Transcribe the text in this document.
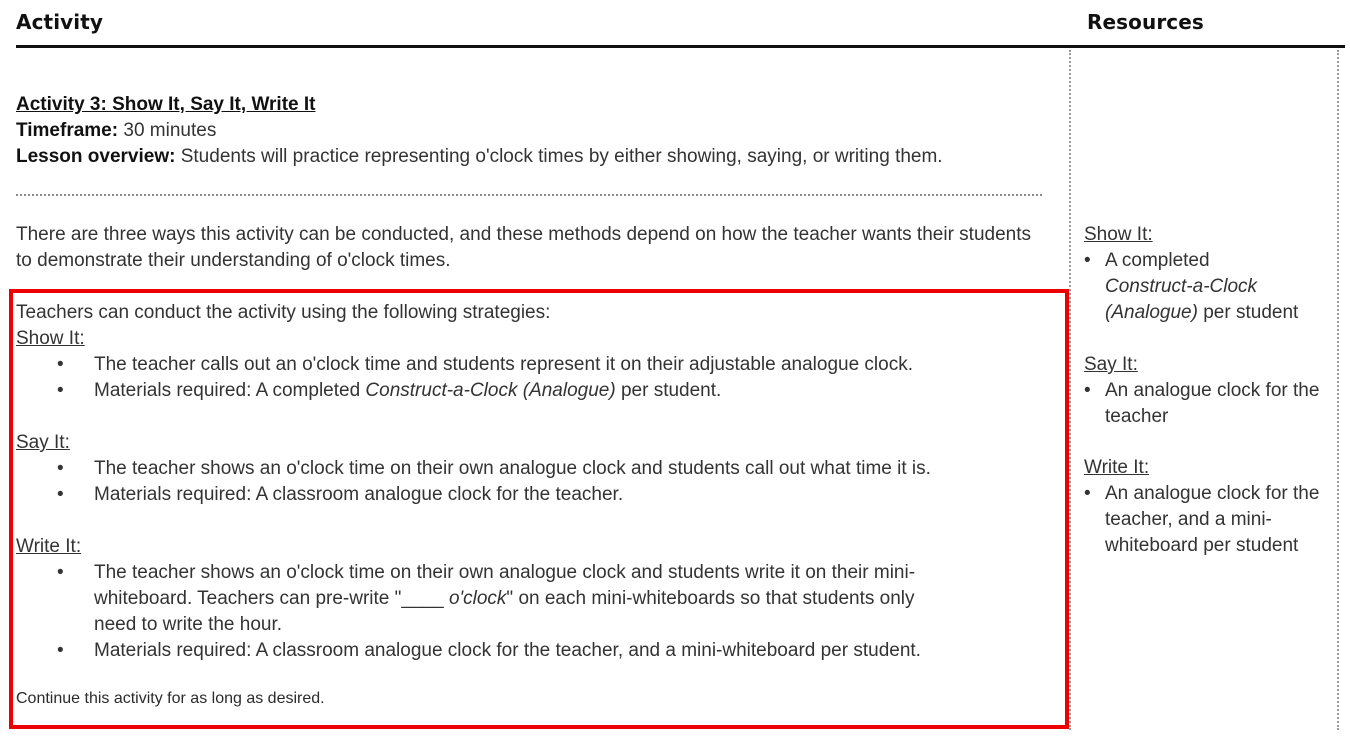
Activity	Resources
Activity 3: Show It, Say It, Write It
Timeframe: 30 minutes
Lesson overview: Students will practice representing o'clock times by either showing, saying, or writing them.
There are three ways this activity can be conducted, and these methods depend on how the teacher wants their students to demonstrate their understanding of o'clock times.
Teachers can conduct the activity using the following strategies:
Show It:
• The teacher calls out an o'clock time and students represent it on their adjustable analogue clock.
• Materials required: A completed Construct-a-Clock (Analogue) per student.
Say It:
• The teacher shows an o'clock time on their own analogue clock and students call out what time it is.
• Materials required: A classroom analogue clock for the teacher.
Write It:
• The teacher shows an o'clock time on their own analogue clock and students write it on their mini-whiteboard. Teachers can pre-write "____ o'clock" on each mini-whiteboards so that students only need to write the hour.
• Materials required: A classroom analogue clock for the teacher, and a mini-whiteboard per student.
Continue this activity for as long as desired.
Show It:
• A completed
Construct-a-Clock (Analogue) per student
Say It:
• An analogue clock for the teacher
Write It:
• An analogue clock for the teacher, and a mini-whiteboard per student
